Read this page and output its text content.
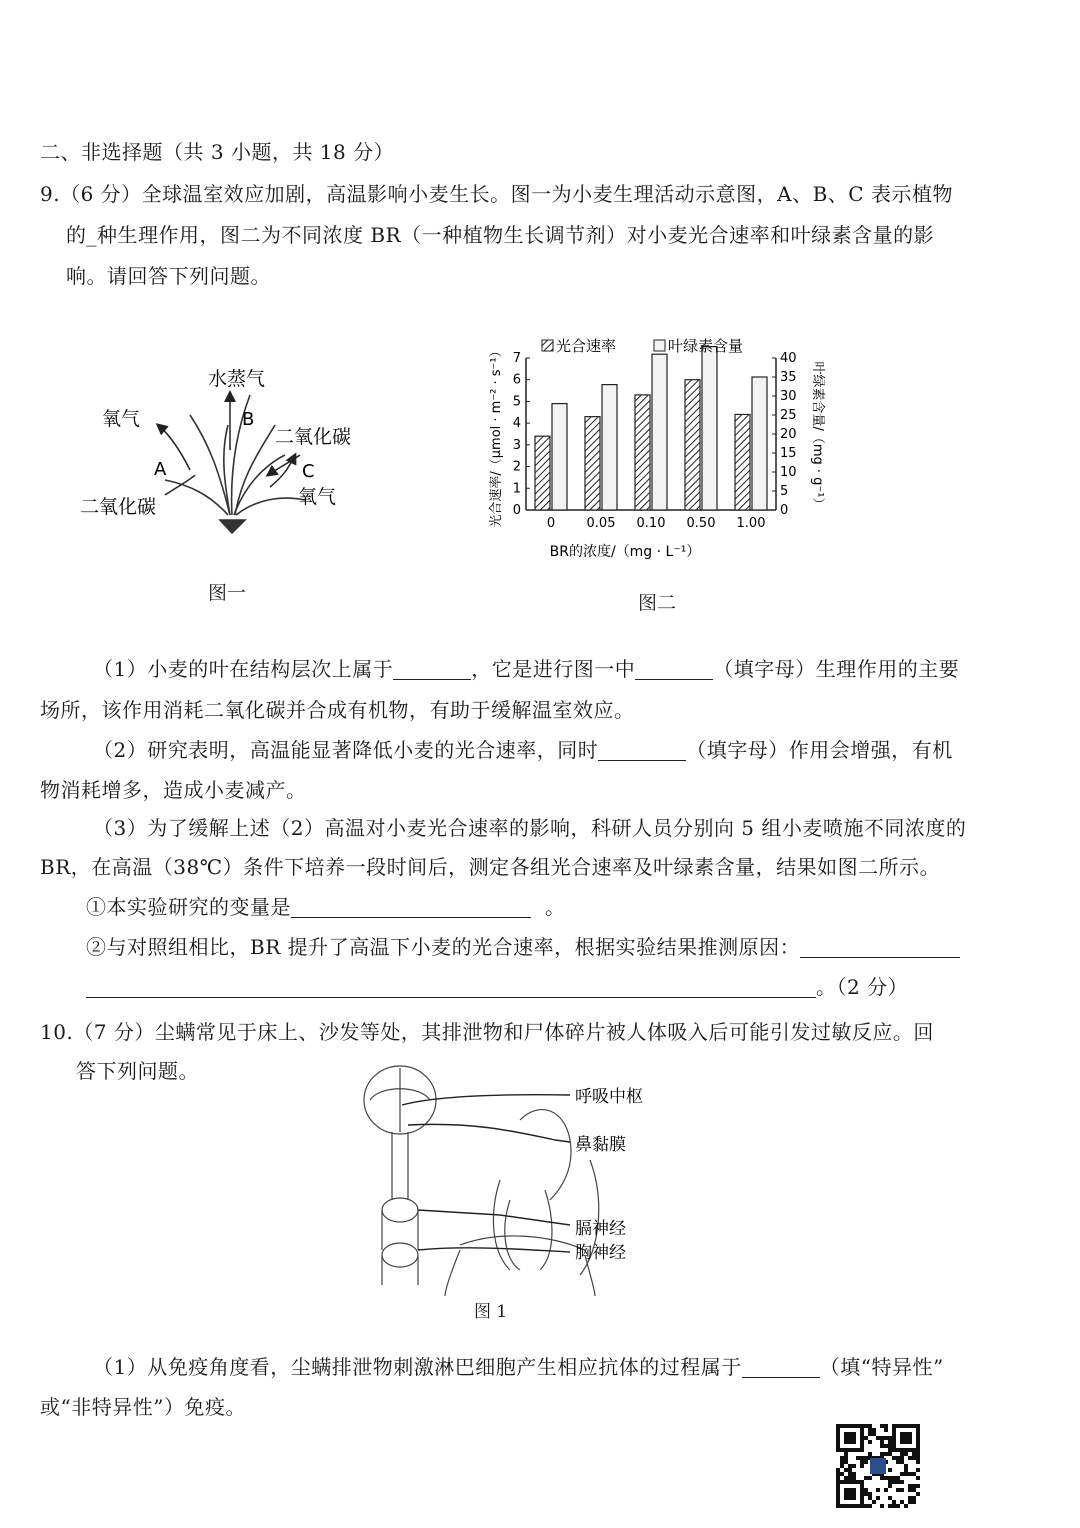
二、非选择题（共 3 小题，共 18 分）
9.（6 分）全球温室效应加剧，高温影响小麦生长。图一为小麦生理活动示意图，A、B、C 表示植物
的_种生理作用，图二为不同浓度 BR（一种植物生长调节剂）对小麦光合速率和叶绿素含量的影
响。请回答下列问题。
水蒸气
B
氧气
二氧化碳
A	C
二氧化碳	氧气
图一
0
1
2
3
4
5
6
7
0
5
10
15
20
25
30
35
40
0 0.05 0.10 0.50 1.00
光合速率	叶绿素含量
BR的浓度/（mg · L⁻¹）
光合速率/（μmol · m⁻² · s⁻¹）	叶绿素含量/（mg · g⁻¹）
图二
（1）小麦的叶在结构层次上属于	，它是进行图一中	（填字母）生理作用的主要
场所，该作用消耗二氧化碳并合成有机物，有助于缓解温室效应。
（2）研究表明，高温能显著降低小麦的光合速率，同时	（填字母）作用会增强，有机
物消耗增多，造成小麦减产。
（3）为了缓解上述（2）高温对小麦光合速率的影响，科研人员分别向 5 组小麦喷施不同浓度的
BR，在高温（38℃）条件下培养一段时间后，测定各组光合速率及叶绿素含量，结果如图二所示。
①本实验研究的变量是	。
②与对照组相比，BR 提升了高温下小麦的光合速率，根据实验结果推测原因：
。（2 分）
10.（7 分）尘螨常见于床上、沙发等处，其排泄物和尸体碎片被人体吸入后可能引发过敏反应。回
答下列问题。
呼吸中枢
鼻黏膜
膈神经
胸神经
图 1
（1）从免疫角度看，尘螨排泄物刺激淋巴细胞产生相应抗体的过程属于	（填“特异性”
或“非特异性”）免疫。
